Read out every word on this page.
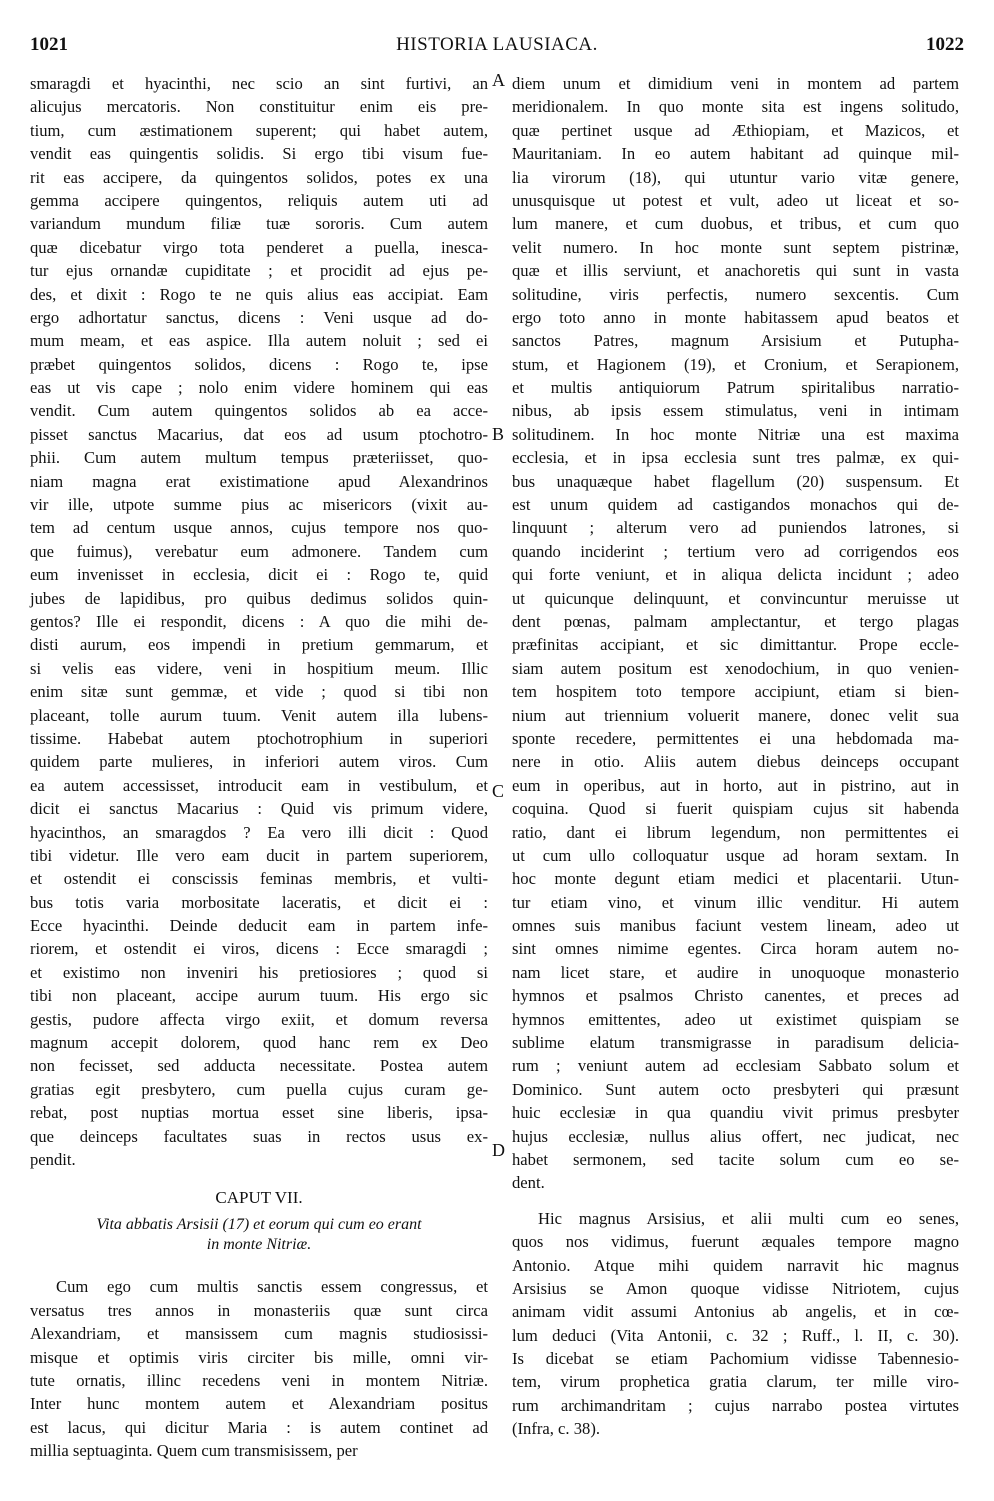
1021	HISTORIA LAUSIACA.	1022
A
B
C
D
smaragdi et hyacinthi, nec scio an sint furtivi, an
alicujus mercatoris. Non constituitur enim eis pre-
tium, cum æstimationem superent; qui habet autem,
vendit eas quingentis solidis. Si ergo tibi visum fue-
rit eas accipere, da quingentos solidos, potes ex una
gemma accipere quingentos, reliquis autem uti ad
variandum mundum filiæ tuæ sororis. Cum autem
quæ dicebatur virgo tota penderet a puella, inesca-
tur ejus ornandæ cupiditate ; et procidit ad ejus pe-
des, et dixit : Rogo te ne quis alius eas accipiat. Eam
ergo adhortatur sanctus, dicens : Veni usque ad do-
mum meam, et eas aspice. Illa autem noluit ; sed ei
præbet quingentos solidos, dicens : Rogo te, ipse
eas ut vis cape ; nolo enim videre hominem qui eas
vendit. Cum autem quingentos solidos ab ea acce-
pisset sanctus Macarius, dat eos ad usum ptochotro-
phii. Cum autem multum tempus præteriisset, quo-
niam magna erat existimatione apud Alexandrinos
vir ille, utpote summe pius ac misericors (vixit au-
tem ad centum usque annos, cujus tempore nos quo-
que fuimus), verebatur eum admonere. Tandem cum
eum invenisset in ecclesia, dicit ei : Rogo te, quid
jubes de lapidibus, pro quibus dedimus solidos quin-
gentos? Ille ei respondit, dicens : A quo die mihi de-
disti aurum, eos impendi in pretium gemmarum, et
si velis eas videre, veni in hospitium meum. Illic
enim sitæ sunt gemmæ, et vide ; quod si tibi non
placeant, tolle aurum tuum. Venit autem illa lubens-
tissime. Habebat autem ptochotrophium in superiori
quidem parte mulieres, in inferiori autem viros. Cum
ea autem accessisset, introducit eam in vestibulum, et
dicit ei sanctus Macarius : Quid vis primum videre,
hyacinthos, an smaragdos ? Ea vero illi dicit : Quod
tibi videtur. Ille vero eam ducit in partem superiorem,
et ostendit ei conscissis feminas membris, et vulti-
bus totis varia morbositate laceratis, et dicit ei :
Ecce hyacinthi. Deinde deducit eam in partem infe-
riorem, et ostendit ei viros, dicens : Ecce smaragdi ;
et existimo non inveniri his pretiosiores ; quod si
tibi non placeant, accipe aurum tuum. His ergo sic
gestis, pudore affecta virgo exiit, et domum reversa
magnum accepit dolorem, quod hanc rem ex Deo
non fecisset, sed adducta necessitate. Postea autem
gratias egit presbytero, cum puella cujus curam ge-
rebat, post nuptias mortua esset sine liberis, ipsa-
que deinceps facultates suas in rectos usus ex-
pendit.
CAPUT VII.
Vita abbatis Arsisii (17) et eorum qui cum eo erant
in monte Nitriæ.
Cum ego cum multis sanctis essem congressus, et
versatus tres annos in monasteriis quæ sunt circa
Alexandriam, et mansissem cum magnis studiosissi-
misque et optimis viris circiter bis mille, omni vir-
tute ornatis, illinc recedens veni in montem Nitriæ.
Inter hunc montem autem et Alexandriam positus
est lacus, qui dicitur Maria : is autem continet ad
millia septuaginta. Quem cum transmisissem, per
diem unum et dimidium veni in montem ad partem
meridionalem. In quo monte sita est ingens solitudo,
quæ pertinet usque ad Æthiopiam, et Mazicos, et
Mauritaniam. In eo autem habitant ad quinque mil-
lia virorum (18), qui utuntur vario vitæ genere,
unusquisque ut potest et vult, adeo ut liceat et so-
lum manere, et cum duobus, et tribus, et cum quo
velit numero. In hoc monte sunt septem pistrinæ,
quæ et illis serviunt, et anachoretis qui sunt in vasta
solitudine, viris perfectis, numero sexcentis. Cum
ergo toto anno in monte habitassem apud beatos et
sanctos Patres, magnum Arsisium et Putupha-
stum, et Hagionem (19), et Cronium, et Serapionem,
et multis antiquiorum Patrum spiritalibus narratio-
nibus, ab ipsis essem stimulatus, veni in intimam
solitudinem. In hoc monte Nitriæ una est maxima
ecclesia, et in ipsa ecclesia sunt tres palmæ, ex qui-
bus unaquæque habet flagellum (20) suspensum. Et
est unum quidem ad castigandos monachos qui de-
linquunt ; alterum vero ad puniendos latrones, si
quando inciderint ; tertium vero ad corrigendos eos
qui forte veniunt, et in aliqua delicta incidunt ; adeo
ut quicunque delinquunt, et convincuntur meruisse ut
dent pœnas, palmam amplectantur, et tergo plagas
præfinitas accipiant, et sic dimittantur. Prope eccle-
siam autem positum est xenodochium, in quo venien-
tem hospitem toto tempore accipiunt, etiam si bien-
nium aut triennium voluerit manere, donec velit sua
sponte recedere, permittentes ei una hebdomada ma-
nere in otio. Aliis autem diebus deinceps occupant
eum in operibus, aut in horto, aut in pistrino, aut in
coquina. Quod si fuerit quispiam cujus sit habenda
ratio, dant ei librum legendum, non permittentes ei
ut cum ullo colloquatur usque ad horam sextam. In
hoc monte degunt etiam medici et placentarii. Utun-
tur etiam vino, et vinum illic venditur. Hi autem
omnes suis manibus faciunt vestem lineam, adeo ut
sint omnes nimime egentes. Circa horam autem no-
nam licet stare, et audire in unoquoque monasterio
hymnos et psalmos Christo canentes, et preces ad
hymnos emittentes, adeo ut existimet quispiam se
sublime elatum transmigrasse in paradisum delicia-
rum ; veniunt autem ad ecclesiam Sabbato solum et
Dominico. Sunt autem octo presbyteri qui præsunt
huic ecclesiæ in qua quandiu vivit primus presbyter
hujus ecclesiæ, nullus alius offert, nec judicat, nec
habet sermonem, sed tacite solum cum eo se-
dent.
Hic magnus Arsisius, et alii multi cum eo senes,
quos nos vidimus, fuerunt æquales tempore magno
Antonio. Atque mihi quidem narravit hic magnus
Arsisius se Amon quoque vidisse Nitriotem, cujus
animam vidit assumi Antonius ab angelis, et in cœ-
lum deduci (Vita Antonii, c. 32 ; Ruff., l. II, c. 30).
Is dicebat se etiam Pachomium vidisse Tabennesio-
tem, virum prophetica gratia clarum, ter mille viro-
rum archimandritam ; cujus narrabo postea virtutes
(Infra, c. 38).
